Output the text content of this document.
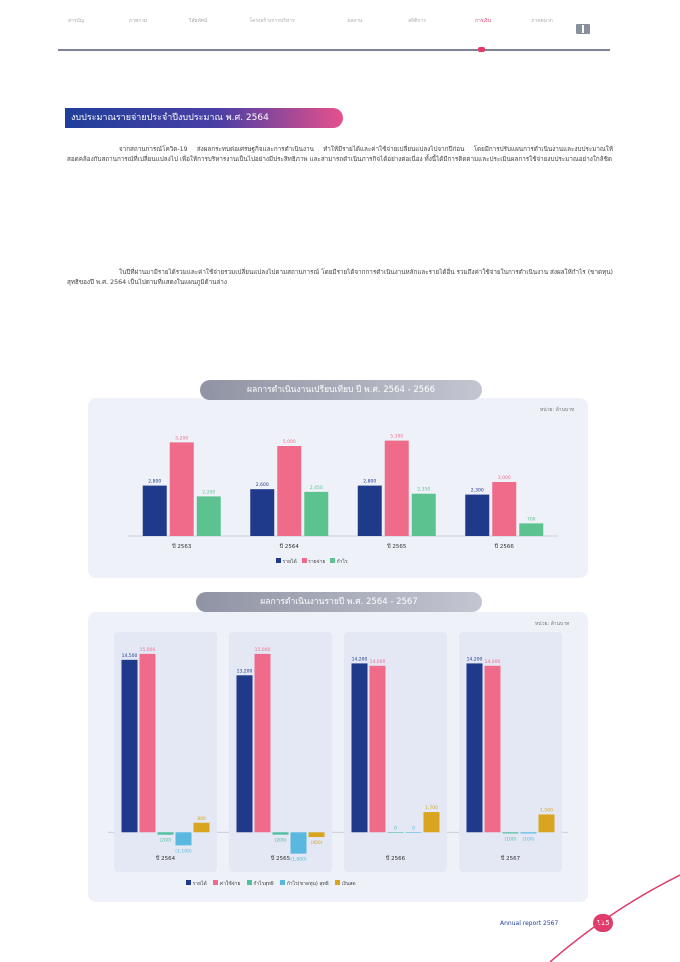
สารบัญ	ภาพรวม	วิสัยทัศน์	โครงสร้างการบริหาร	ผลงาน	สถิติการ	การเงิน	ภาคผนวก
งบประมาณรายจ่ายประจำปีงบประมาณ พ.ศ. 2564
จากสถานการณ์โควิด-19 ส่งผลกระทบต่อเศรษฐกิจและการดำเนินงาน ทำให้มีรายได้และค่าใช้จ่ายเปลี่ยนแปลงไปจากปีก่อน โดยมีการปรับแผนการดำเนินงานและงบประมาณให้สอดคล้องกับสถานการณ์ที่เปลี่ยนแปลงไป เพื่อให้การบริหารงานเป็นไปอย่างมีประสิทธิภาพ และสามารถดำเนินภารกิจได้อย่างต่อเนื่อง ทั้งนี้ได้มีการติดตามและประเมินผลการใช้จ่ายงบประมาณอย่างใกล้ชิด
ในปีที่ผ่านมามีรายได้รวมและค่าใช้จ่ายรวมเปลี่ยนแปลงไปตามสถานการณ์ โดยมีรายได้จากการดำเนินงานหลักและรายได้อื่น รวมถึงค่าใช้จ่ายในการดำเนินงาน ส่งผลให้กำไร (ขาดทุน) สุทธิของปี พ.ศ. 2564 เป็นไปตามที่แสดงในแผนภูมิด้านล่าง
ผลการดำเนินงานเปรียบเทียบ ปี พ.ศ. 2564 - 2566
หน่วย: ล้านบาท
2,800
5,200
2,200
ปี 2563
2,600
5,000
2,450
ปี 2564
2,800
5,300
2,350
ปี 2565
2,300
3,000
700
ปี 2566
รายได้ รายจ่าย กำไร
ผลการดำเนินงานรายปี พ.ศ. 2564 - 2567
หน่วย: ล้านบาท
14,500
15,000
(200)
(1,100)
800
ปี 2564
13,200
15,000
(200)
(1,800)
(400)
ปี 2565
14,200 14,000
0	0
1,700
ปี 2566
14,200 14,000
(100) (100)
1,500
ปี 2567
รายได้	ค่าใช้จ่าย	กำไรสุทธิ	กำไร(ขาดทุน) สุทธิ	เงินสด
Annual report 2567	115
